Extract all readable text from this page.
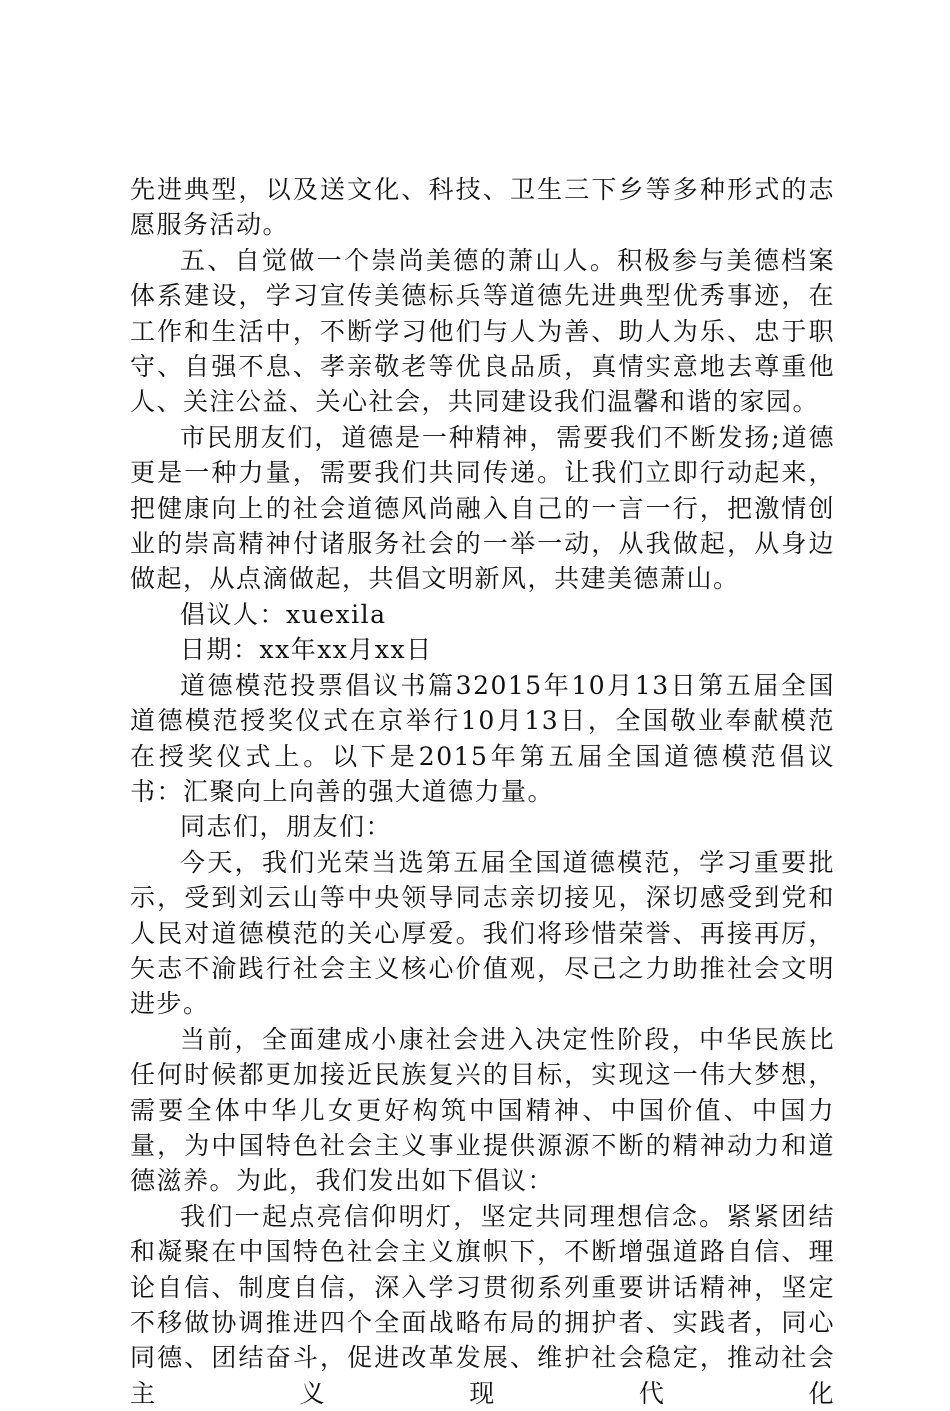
先进典型，以及送文化、科技、卫生三下乡等多种形式的志愿服务活动。

五、自觉做一个崇尚美德的萧山人。积极参与美德档案体系建设，学习宣传美德标兵等道德先进典型优秀事迹，在工作和生活中，不断学习他们与人为善、助人为乐、忠于职守、自强不息、孝亲敬老等优良品质，真情实意地去尊重他人、关注公益、关心社会，共同建设我们温馨和谐的家园。

市民朋友们，道德是一种精神，需要我们不断发扬;道德更是一种力量，需要我们共同传递。让我们立即行动起来，把健康向上的社会道德风尚融入自己的一言一行，把激情创业的崇高精神付诸服务社会的一举一动，从我做起，从身边做起，从点滴做起，共倡文明新风，共建美德萧山。

倡议人：xuexila

日期：xx年xx月xx日

道德模范投票倡议书篇32015年10月13日第五届全国道德模范授奖仪式在京举行10月13日，全国敬业奉献模范在授奖仪式上。以下是2015年第五届全国道德模范倡议书：汇聚向上向善的强大道德力量。

同志们，朋友们：

今天，我们光荣当选第五届全国道德模范，学习重要批示，受到刘云山等中央领导同志亲切接见，深切感受到党和人民对道德模范的关心厚爱。我们将珍惜荣誉、再接再厉，矢志不渝践行社会主义核心价值观，尽己之力助推社会文明进步。

当前，全面建成小康社会进入决定性阶段，中华民族比任何时候都更加接近民族复兴的目标，实现这一伟大梦想，需要全体中华儿女更好构筑中国精神、中国价值、中国力量，为中国特色社会主义事业提供源源不断的精神动力和道德滋养。为此，我们发出如下倡议：

我们一起点亮信仰明灯，坚定共同理想信念。紧紧团结和凝聚在中国特色社会主义旗帜下，不断增强道路自信、理论自信、制度自信，深入学习贯彻系列重要讲话精神，坚定不移做协调推进四个全面战略布局的拥护者、实践者，同心同德、团结奋斗，促进改革发展、维护社会稳定，推动社会主义现代化
